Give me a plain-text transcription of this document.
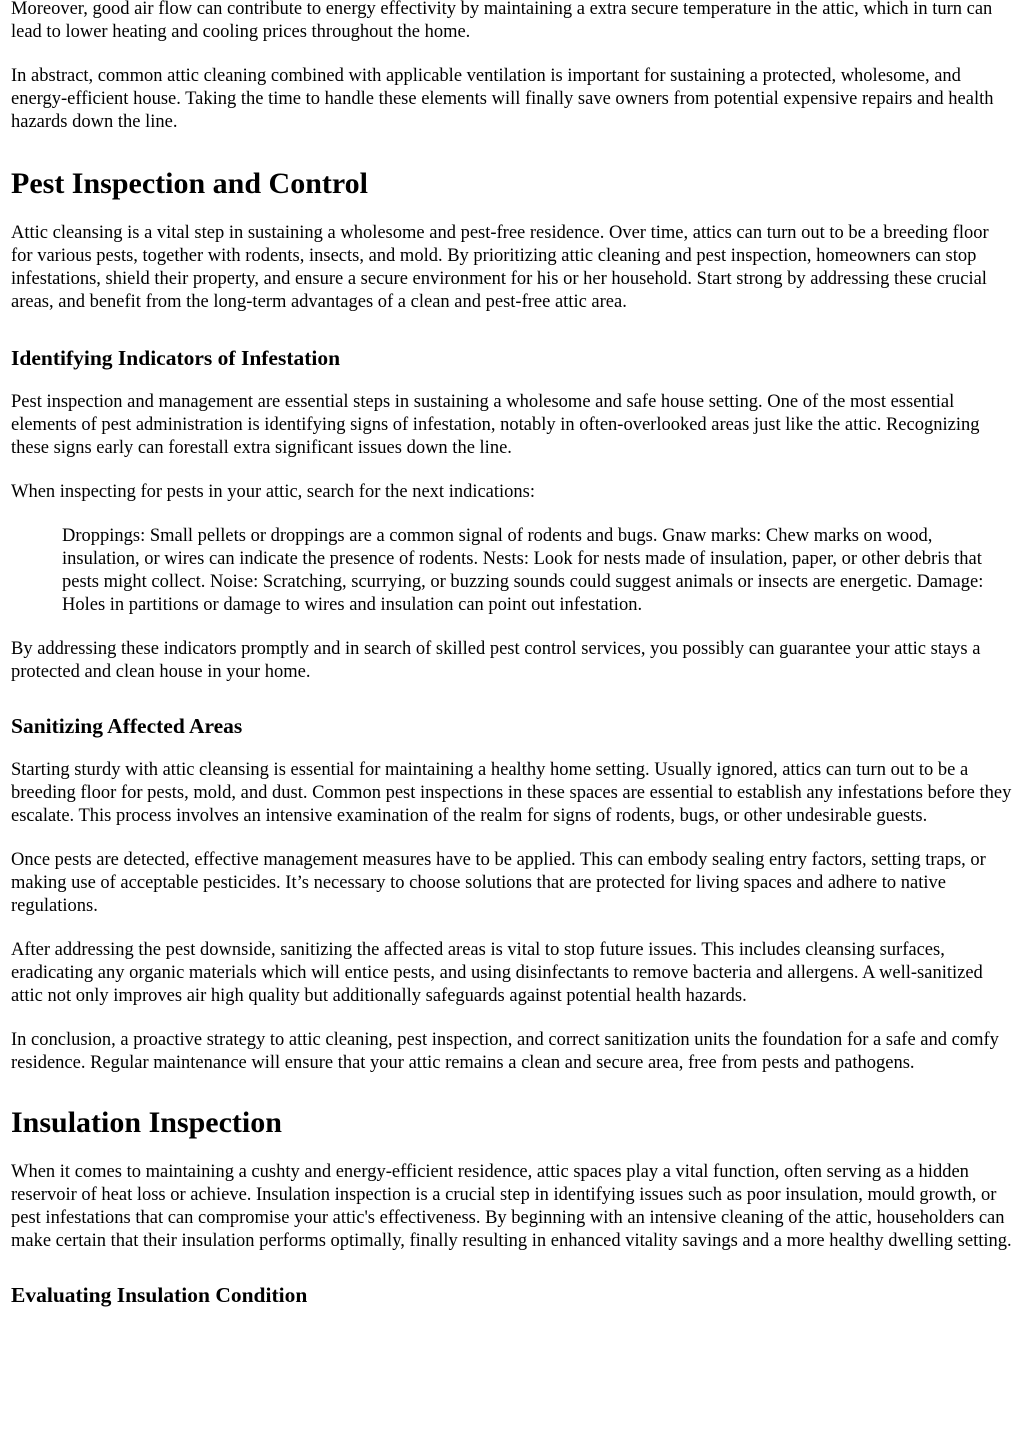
Moreover, good air flow can contribute to energy effectivity by maintaining a extra secure temperature in the attic, which in turn can lead to lower heating and cooling prices throughout the home.

In abstract, common attic cleaning combined with applicable ventilation is important for sustaining a protected, wholesome, and energy-efficient house. Taking the time to handle these elements will finally save owners from potential expensive repairs and health hazards down the line.

Pest Inspection and Control

Attic cleansing is a vital step in sustaining a wholesome and pest-free residence. Over time, attics can turn out to be a breeding floor for various pests, together with rodents, insects, and mold. By prioritizing attic cleaning and pest inspection, homeowners can stop infestations, shield their property, and ensure a secure environment for his or her household. Start strong by addressing these crucial areas, and benefit from the long-term advantages of a clean and pest-free attic area.

Identifying Indicators of Infestation

Pest inspection and management are essential steps in sustaining a wholesome and safe house setting. One of the most essential elements of pest administration is identifying signs of infestation, notably in often-overlooked areas just like the attic. Recognizing these signs early can forestall extra significant issues down the line.

When inspecting for pests in your attic, search for the next indications:

Droppings: Small pellets or droppings are a common signal of rodents and bugs. Gnaw marks: Chew marks on wood, insulation, or wires can indicate the presence of rodents. Nests: Look for nests made of insulation, paper, or other debris that pests might collect. Noise: Scratching, scurrying, or buzzing sounds could suggest animals or insects are energetic. Damage: Holes in partitions or damage to wires and insulation can point out infestation.

By addressing these indicators promptly and in search of skilled pest control services, you possibly can guarantee your attic stays a protected and clean house in your home.

Sanitizing Affected Areas

Starting sturdy with attic cleansing is essential for maintaining a healthy home setting. Usually ignored, attics can turn out to be a breeding floor for pests, mold, and dust. Common pest inspections in these spaces are essential to establish any infestations before they escalate. This process involves an intensive examination of the realm for signs of rodents, bugs, or other undesirable guests.

Once pests are detected, effective management measures have to be applied. This can embody sealing entry factors, setting traps, or making use of acceptable pesticides. It’s necessary to choose solutions that are protected for living spaces and adhere to native regulations.

After addressing the pest downside, sanitizing the affected areas is vital to stop future issues. This includes cleansing surfaces, eradicating any organic materials which will entice pests, and using disinfectants to remove bacteria and allergens. A well-sanitized attic not only improves air high quality but additionally safeguards against potential health hazards.

In conclusion, a proactive strategy to attic cleaning, pest inspection, and correct sanitization units the foundation for a safe and comfy residence. Regular maintenance will ensure that your attic remains a clean and secure area, free from pests and pathogens.

Insulation Inspection

When it comes to maintaining a cushty and energy-efficient residence, attic spaces play a vital function, often serving as a hidden reservoir of heat loss or achieve. Insulation inspection is a crucial step in identifying issues such as poor insulation, mould growth, or pest infestations that can compromise your attic's effectiveness. By beginning with an intensive cleaning of the attic, householders can make certain that their insulation performs optimally, finally resulting in enhanced vitality savings and a more healthy dwelling setting.

Evaluating Insulation Condition
